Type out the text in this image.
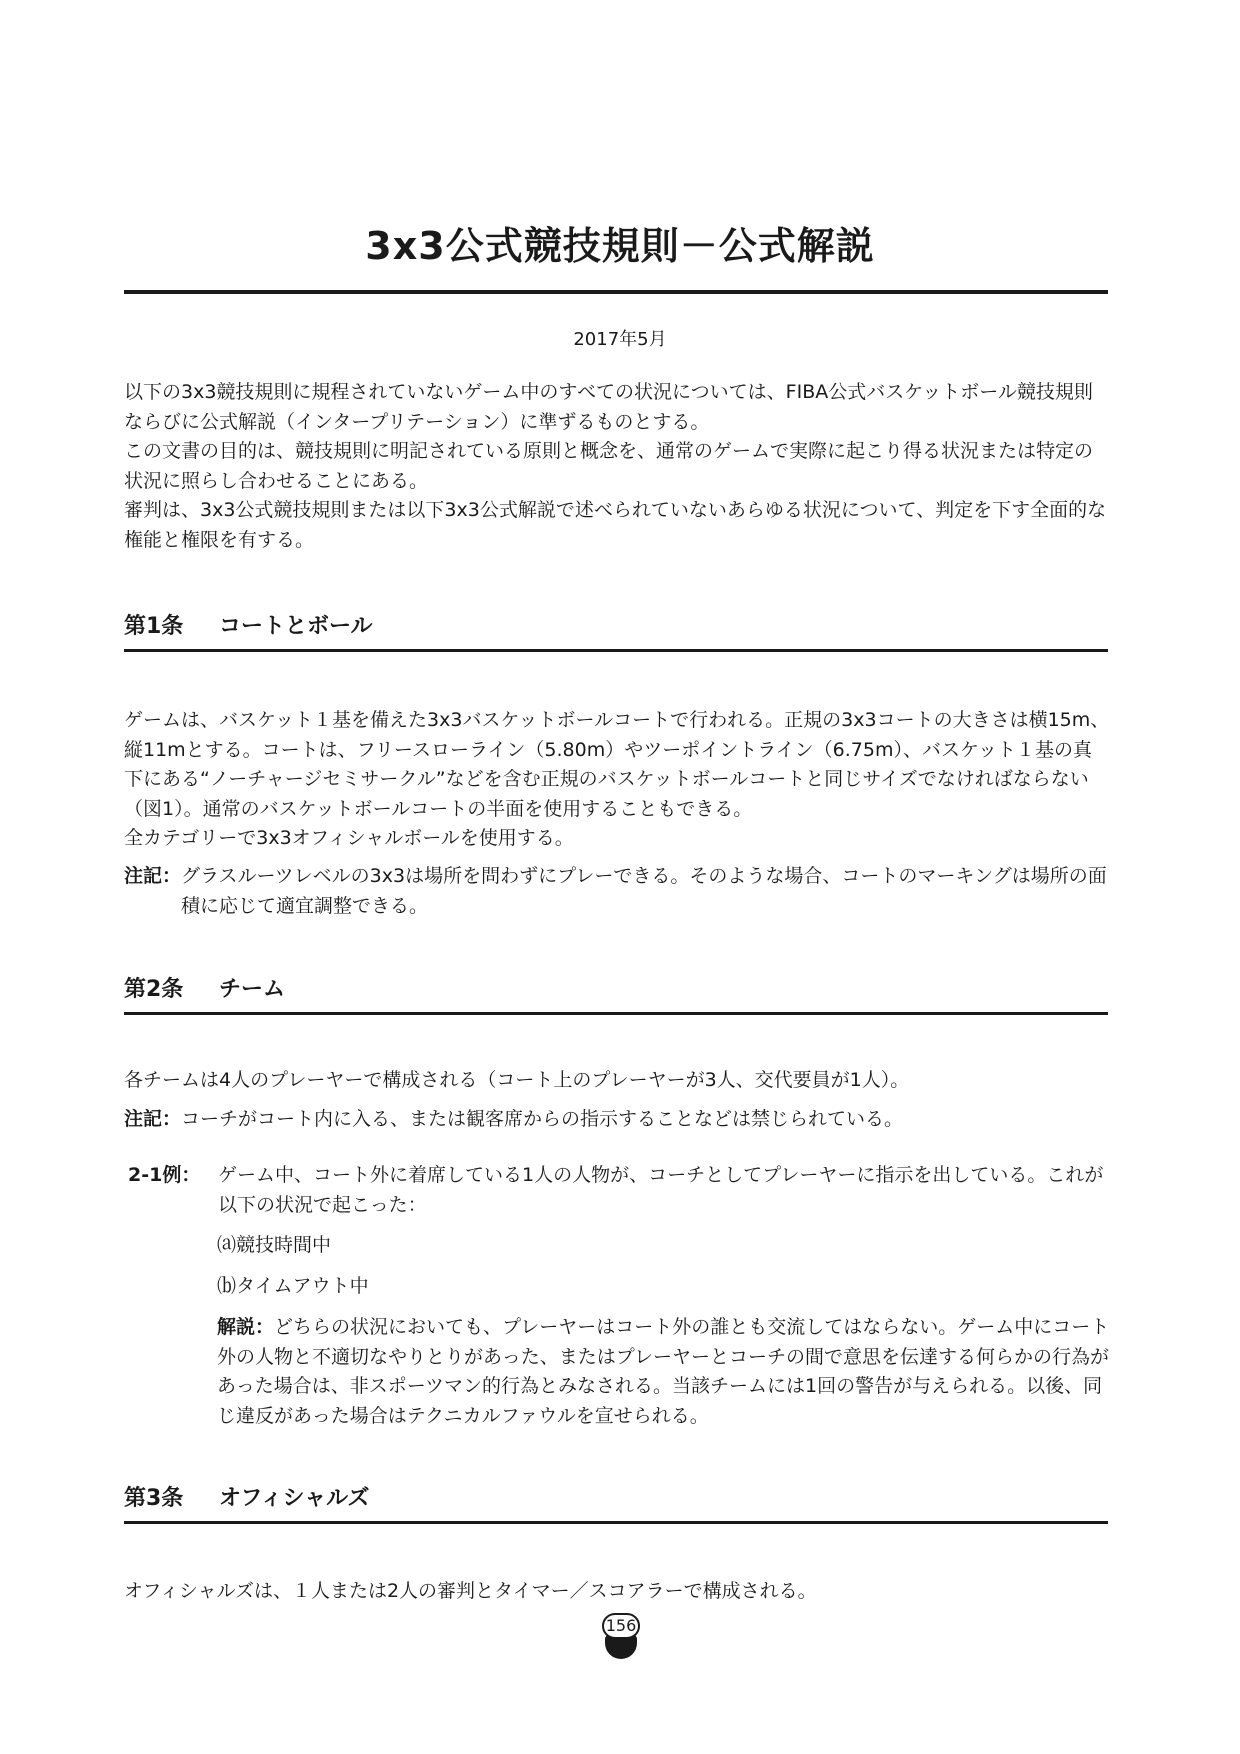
3x3公式競技規則－公式解説
2017年5月

以下の3x3競技規則に規程されていないゲーム中のすべての状況については、FIBA公式バスケットボール競技規則ならびに公式解説（インタープリテーション）に準ずるものとする。

この文書の目的は、競技規則に明記されている原則と概念を、通常のゲームで実際に起こり得る状況または特定の状況に照らし合わせることにある。

審判は、3x3公式競技規則または以下3x3公式解説で述べられていないあらゆる状況について、判定を下す全面的な権能と権限を有する。

第1条 コートとボール

ゲームは、バスケット１基を備えた3x3バスケットボールコートで行われる。正規の3x3コートの大きさは横15m、縦11mとする。コートは、フリースローライン（5.80m）やツーポイントライン（6.75m）、バスケット１基の真下にある“ノーチャージセミサークル”などを含む正規のバスケットボールコートと同じサイズでなければならない（図1）。通常のバスケットボールコートの半面を使用することもできる。

全カテゴリーで3x3オフィシャルボールを使用する。

注記： グラスルーツレベルの3x3は場所を問わずにプレーできる。そのような場合、コートのマーキングは場所の面積に応じて適宜調整できる。
第2条 チーム

各チームは4人のプレーヤーで構成される（コート上のプレーヤーが3人、交代要員が1人）。

注記： コーチがコート内に入る、または観客席からの指示することなどは禁じられている。
2-1例： ゲーム中、コート外に着席している1人の人物が、コーチとしてプレーヤーに指示を出している。これが以下の状況で起こった：
⒜競技時間中
⒝タイムアウト中
解説：どちらの状況においても、プレーヤーはコート外の誰とも交流してはならない。ゲーム中にコート外の人物と不適切なやりとりがあった、またはプレーヤーとコーチの間で意思を伝達する何らかの行為があった場合は、非スポーツマン的行為とみなされる。当該チームには1回の警告が与えられる。以後、同じ違反があった場合はテクニカルファウルを宣せられる。
第3条 オフィシャルズ

オフィシャルズは、１人または2人の審判とタイマー／スコアラーで構成される。

156
